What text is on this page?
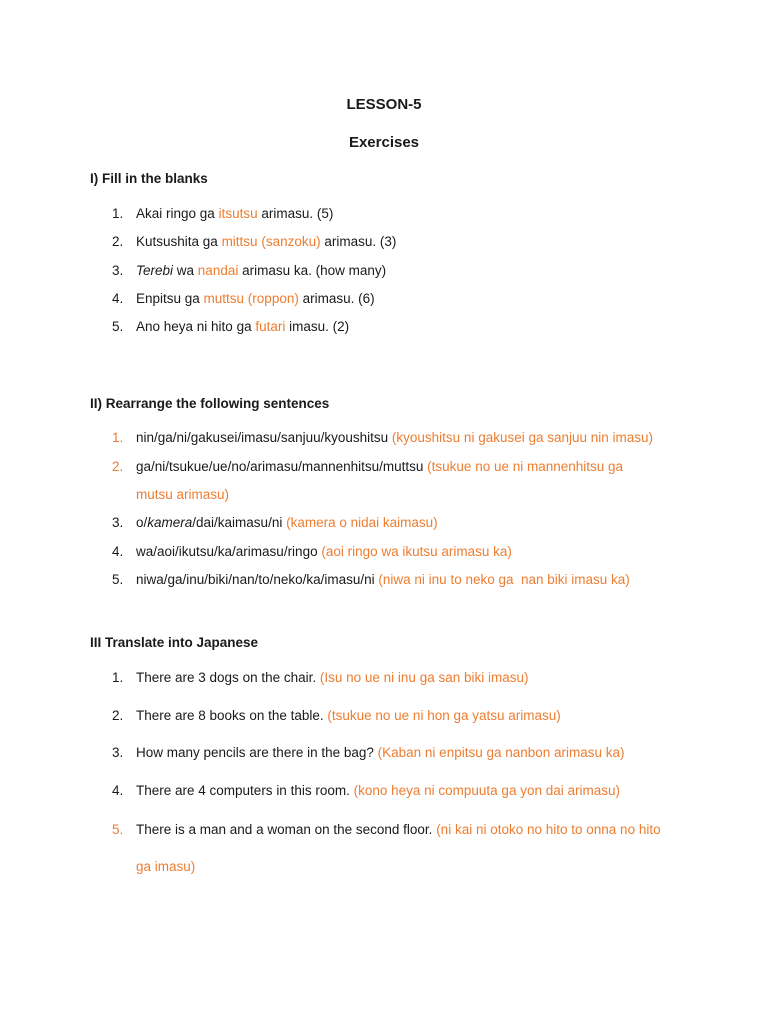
LESSON-5
Exercises
I) Fill in the blanks
1. Akai ringo ga itsutsu arimasu. (5)
2. Kutsushita ga mittsu (sanzoku) arimasu. (3)
3. Terebi wa nandai arimasu ka. (how many)
4. Enpitsu ga muttsu (roppon) arimasu. (6)
5. Ano heya ni hito ga futari imasu. (2)
II) Rearrange the following sentences
1. nin/ga/ni/gakusei/imasu/sanjuu/kyoushitsu (kyoushitsu ni gakusei ga sanjuu nin imasu)
2. ga/ni/tsukue/ue/no/arimasu/mannenhitsu/muttsu (tsukue no ue ni mannenhitsu ga
mutsu arimasu)
3. o/kamera/dai/kaimasu/ni (kamera o nidai kaimasu)
4. wa/aoi/ikutsu/ka/arimasu/ringo (aoi ringo wa ikutsu arimasu ka)
5. niwa/ga/inu/biki/nan/to/neko/ka/imasu/ni (niwa ni inu to neko ga  nan biki imasu ka)
III Translate into Japanese
1. There are 3 dogs on the chair. (Isu no ue ni inu ga san biki imasu)
2. There are 8 books on the table. (tsukue no ue ni hon ga yatsu arimasu)
3. How many pencils are there in the bag? (Kaban ni enpitsu ga nanbon arimasu ka)
4. There are 4 computers in this room. (kono heya ni compuuta ga yon dai arimasu)
5. There is a man and a woman on the second floor. (ni kai ni otoko no hito to onna no hito
ga imasu)
